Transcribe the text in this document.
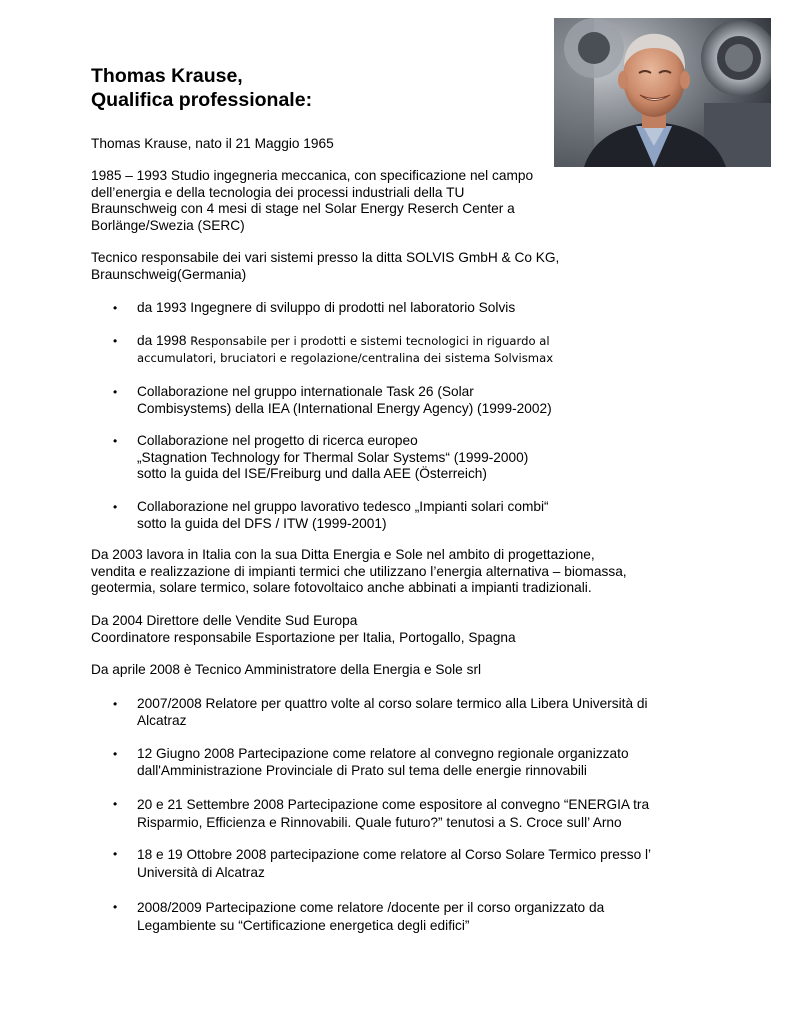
Thomas Krause,
Qualifica professionale:

Thomas Krause, nato il 21 Maggio 1965

1985 – 1993 Studio ingegneria meccanica, con specificazione nel campo
dell’energia e della tecnologia dei processi industriali della TU
Braunschweig con 4 mesi di stage nel Solar Energy Reserch Center a
Borlänge/Swezia (SERC)

Tecnico responsabile dei vari sistemi presso la ditta SOLVIS GmbH & Co KG,
Braunschweig(Germania)

• da 1993 Ingegnere di sviluppo di prodotti nel laboratorio Solvis
• da 1998 Responsabile per i prodotti e sistemi tecnologici in riguardo al
accumulatori, bruciatori e regolazione/centralina dei sistema Solvismax
• Collaborazione nel gruppo internationale Task 26 (Solar
Combisystems) della IEA (International Energy Agency) (1999-2002)
• Collaborazione nel progetto di ricerca europeo
„Stagnation Technology for Thermal Solar Systems“ (1999-2000)
sotto la guida del ISE/Freiburg und dalla AEE (Österreich)
• Collaborazione nel gruppo lavorativo tedesco „Impianti solari combi“
sotto la guida del DFS / ITW (1999-2001)

Da 2003 lavora in Italia con la sua Ditta Energia e Sole nel ambito di progettazione,
vendita e realizzazione di impianti termici che utilizzano l’energia alternativa – biomassa,
geotermia, solare termico, solare fotovoltaico anche abbinati a impianti tradizionali.

Da 2004 Direttore delle Vendite Sud Europa
Coordinatore responsabile Esportazione per Italia, Portogallo, Spagna

Da aprile 2008 è Tecnico Amministratore della Energia e Sole srl

• 2007/2008 Relatore per quattro volte al corso solare termico alla Libera Università di
Alcatraz
• 12 Giugno 2008 Partecipazione come relatore al convegno regionale organizzato
dall'Amministrazione Provinciale di Prato sul tema delle energie rinnovabili
• 20 e 21 Settembre 2008 Partecipazione come espositore al convegno “ENERGIA tra
Risparmio, Efficienza e Rinnovabili. Quale futuro?” tenutosi a S. Croce sull’ Arno
• 18 e 19 Ottobre 2008 partecipazione come relatore al Corso Solare Termico presso l’
Università di Alcatraz
• 2008/2009 Partecipazione come relatore /docente per il corso organizzato da
Legambiente su “Certificazione energetica degli edifici”
